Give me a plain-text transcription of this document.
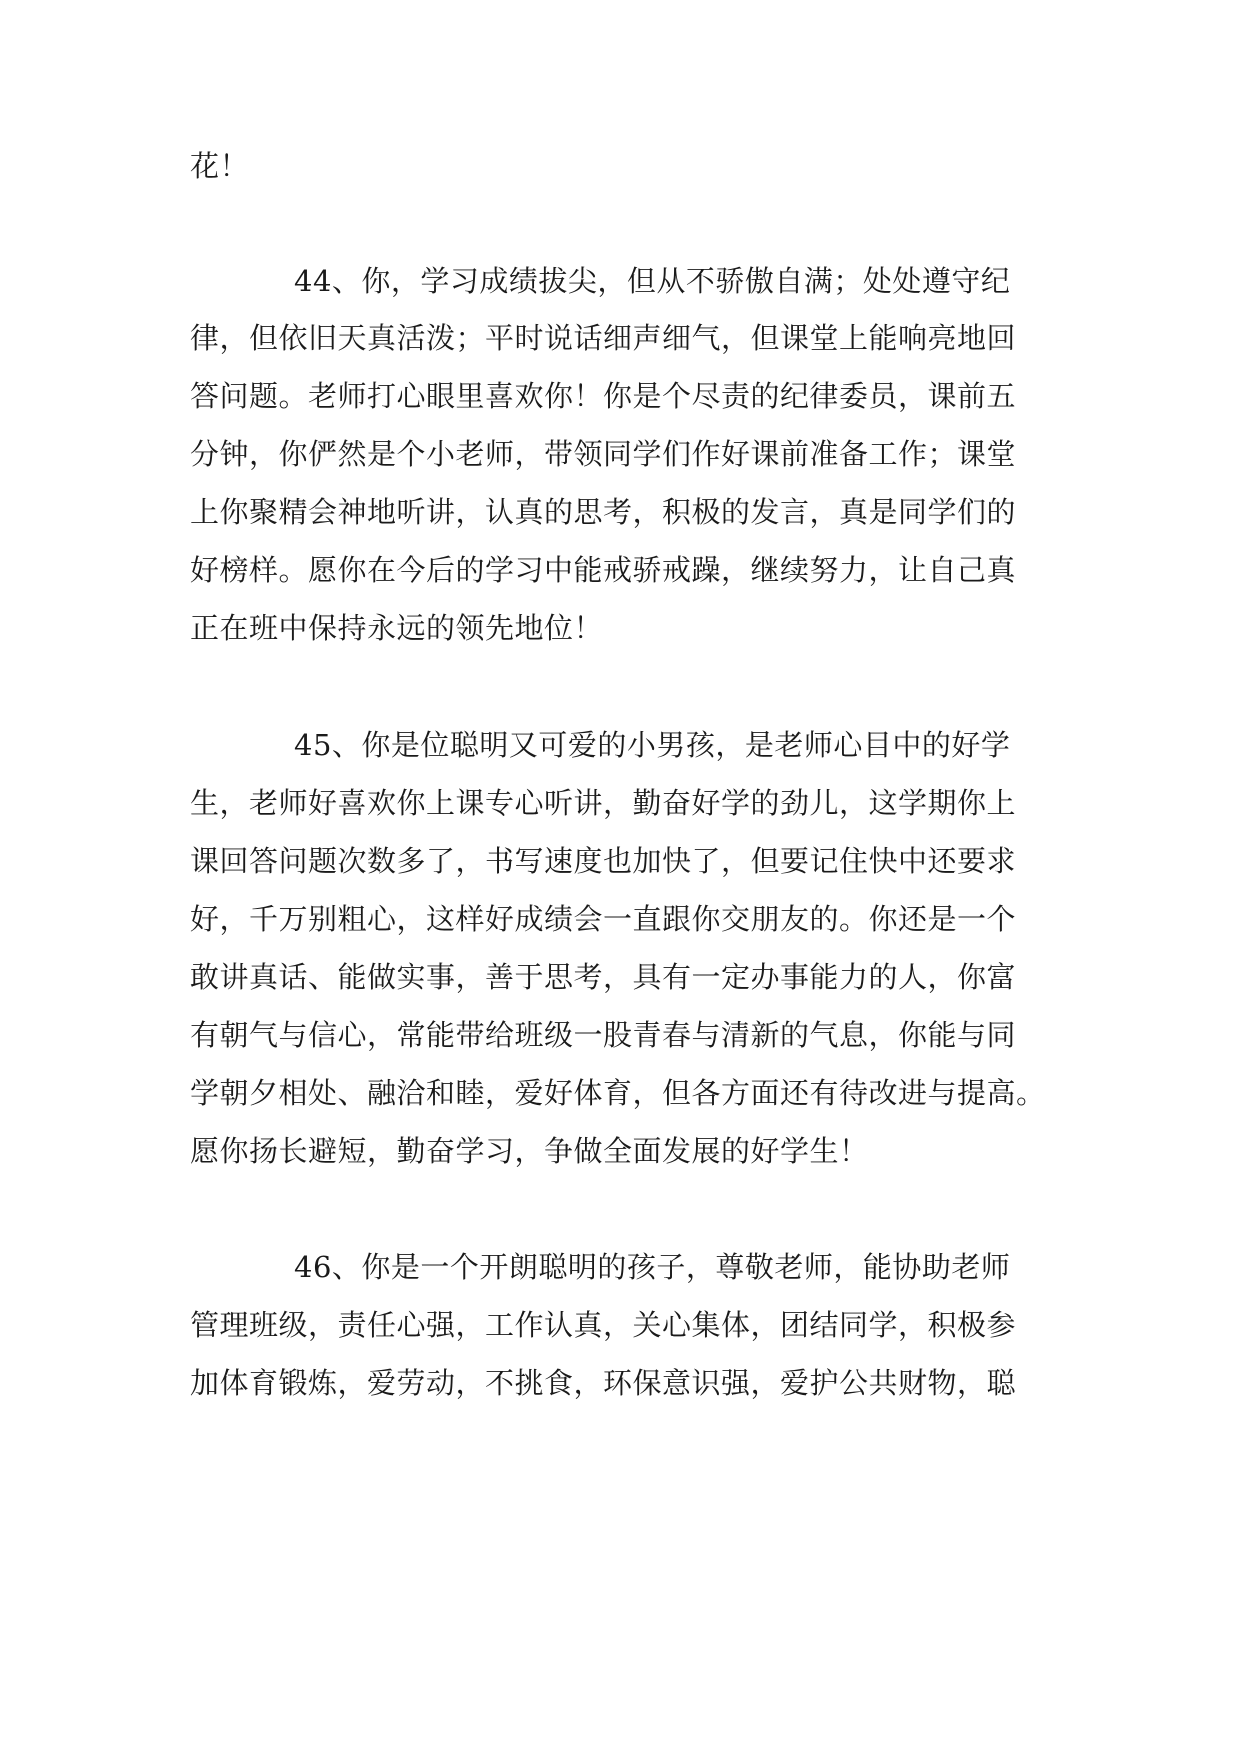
花！
44、你，学习成绩拔尖，但从不骄傲自满；处处遵守纪
律，但依旧天真活泼；平时说话细声细气，但课堂上能响亮地回
答问题。老师打心眼里喜欢你！你是个尽责的纪律委员，课前五
分钟，你俨然是个小老师，带领同学们作好课前准备工作；课堂
上你聚精会神地听讲，认真的思考，积极的发言，真是同学们的
好榜样。愿你在今后的学习中能戒骄戒躁，继续努力，让自己真
正在班中保持永远的领先地位！
45、你是位聪明又可爱的小男孩，是老师心目中的好学
生，老师好喜欢你上课专心听讲，勤奋好学的劲儿，这学期你上
课回答问题次数多了，书写速度也加快了，但要记住快中还要求
好，千万别粗心，这样好成绩会一直跟你交朋友的。你还是一个
敢讲真话、能做实事，善于思考，具有一定办事能力的人，你富
有朝气与信心，常能带给班级一股青春与清新的气息，你能与同
学朝夕相处、融洽和睦，爱好体育，但各方面还有待改进与提高。
愿你扬长避短，勤奋学习，争做全面发展的好学生！
46、你是一个开朗聪明的孩子，尊敬老师，能协助老师
管理班级，责任心强，工作认真，关心集体，团结同学，积极参
加体育锻炼，爱劳动，不挑食，环保意识强，爱护公共财物，聪
